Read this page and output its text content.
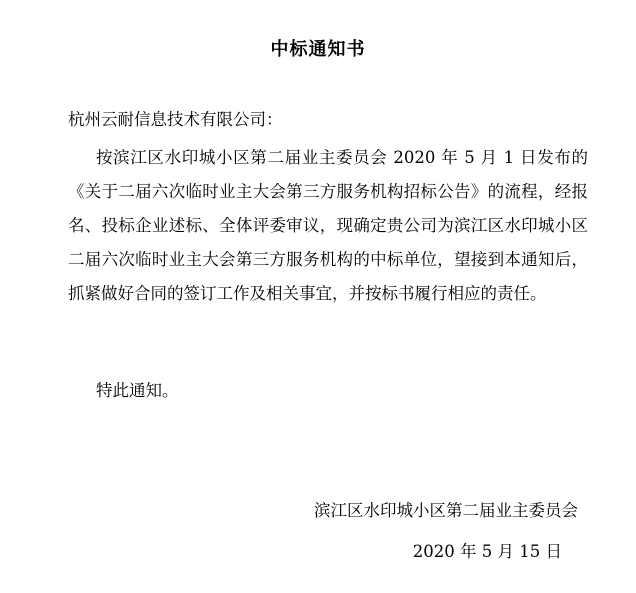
中标通知书
杭州云耐信息技术有限公司：
按滨江区水印城小区第二届业主委员会 2020 年 5 月 1 日发布的《关于二届六次临时业主大会第三方服务机构招标公告》的流程，经报名、投标企业述标、全体评委审议，现确定贵公司为滨江区水印城小区二届六次临时业主大会第三方服务机构的中标单位，望接到本通知后，抓紧做好合同的签订工作及相关事宜，并按标书履行相应的责任。
特此通知。
滨江区水印城小区第二届业主委员会
2020 年 5 月 15 日
